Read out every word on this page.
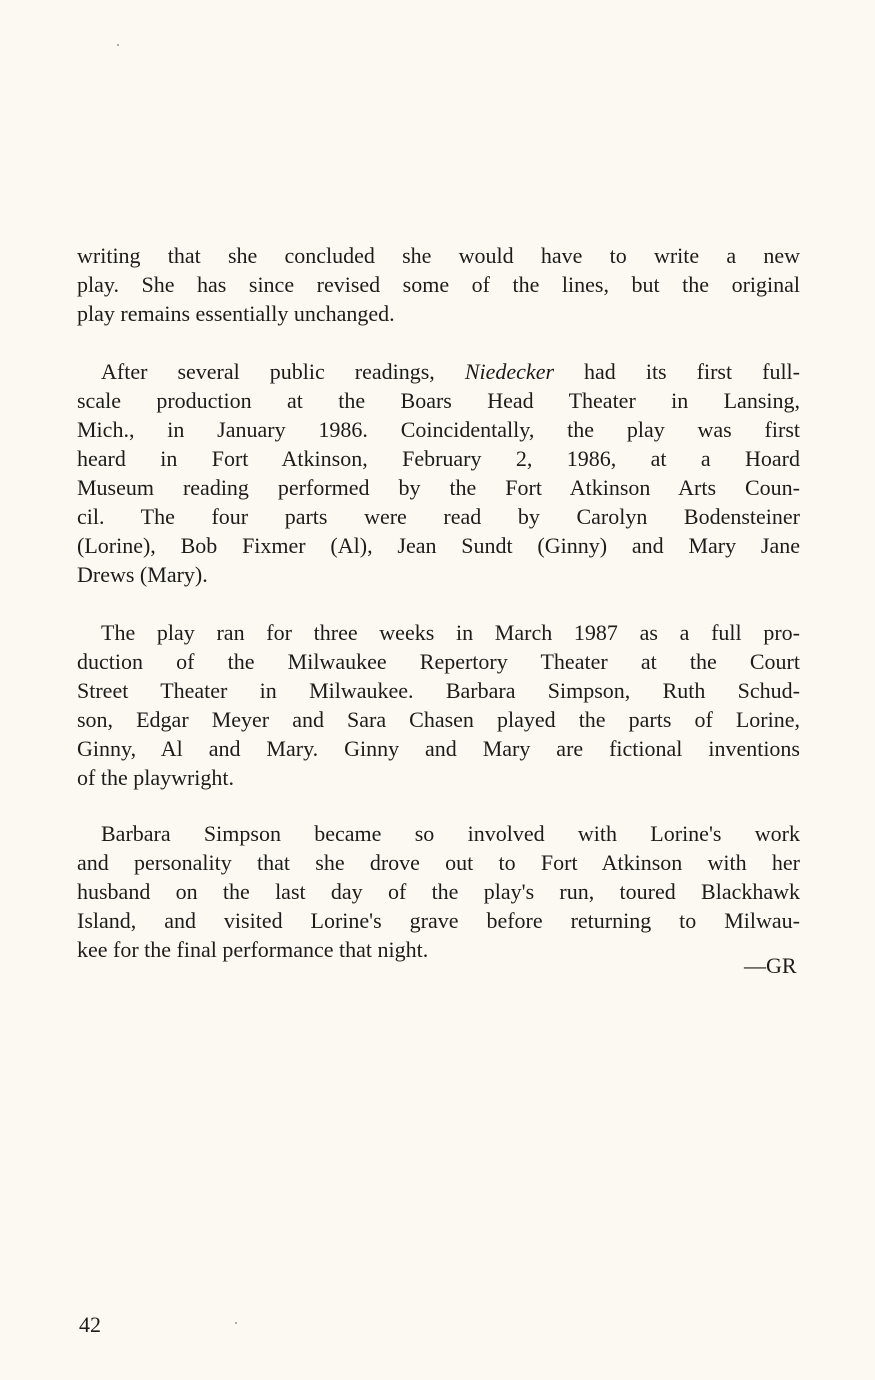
writing that she concluded she would have to write a new
play. She has since revised some of the lines, but the original
play remains essentially unchanged.
After several public readings, Niedecker had its first full-
scale production at the Boars Head Theater in Lansing,
Mich., in January 1986. Coincidentally, the play was first
heard in Fort Atkinson, February 2, 1986, at a Hoard
Museum reading performed by the Fort Atkinson Arts Coun-
cil. The four parts were read by Carolyn Bodensteiner
(Lorine), Bob Fixmer (Al), Jean Sundt (Ginny) and Mary Jane
Drews (Mary).
The play ran for three weeks in March 1987 as a full pro-
duction of the Milwaukee Repertory Theater at the Court
Street Theater in Milwaukee. Barbara Simpson, Ruth Schud-
son, Edgar Meyer and Sara Chasen played the parts of Lorine,
Ginny, Al and Mary. Ginny and Mary are fictional inventions
of the playwright.
Barbara Simpson became so involved with Lorine's work
and personality that she drove out to Fort Atkinson with her
husband on the last day of the play's run, toured Blackhawk
Island, and visited Lorine's grave before returning to Milwau-
kee for the final performance that night.
—GR
42
